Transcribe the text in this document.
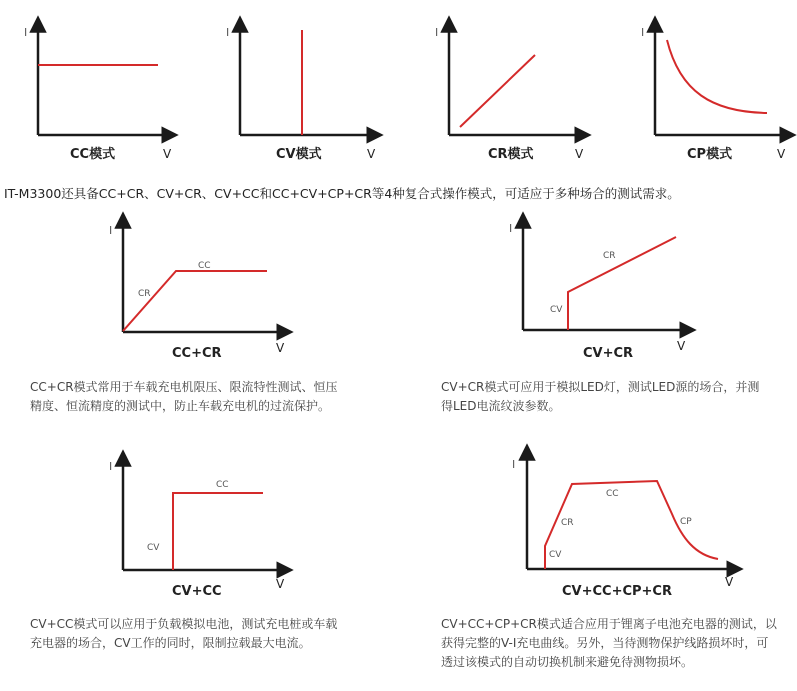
I
V
CC模式
I
V
CV模式
I
V
CR模式
I
V
CP模式
I
V
CC+CR
CR
CC
I
V
CV+CR
CV
CR
I
V
CV+CC
CV
CC
I
V
CV+CC+CP+CR
CV
CR
CC
CP
IT-M3300还具备CC+CR、CV+CR、CV+CC和CC+CV+CP+CR等4种复合式操作模式，可适应于多种场合的测试需求。
CC+CR模式常用于车载充电机限压、限流特性测试、恒压
精度、恒流精度的测试中，防止车载充电机的过流保护。
CV+CR模式可应用于模拟LED灯，测试LED源的场合，并测
得LED电流纹波参数。
CV+CC模式可以应用于负载模拟电池，测试充电桩或车载
充电器的场合，CV工作的同时，限制拉载最大电流。
CV+CC+CP+CR模式适合应用于锂离子电池充电器的测试，以
获得完整的V-I充电曲线。另外，当待测物保护线路损坏时，可
透过该模式的自动切换机制来避免待测物损坏。
